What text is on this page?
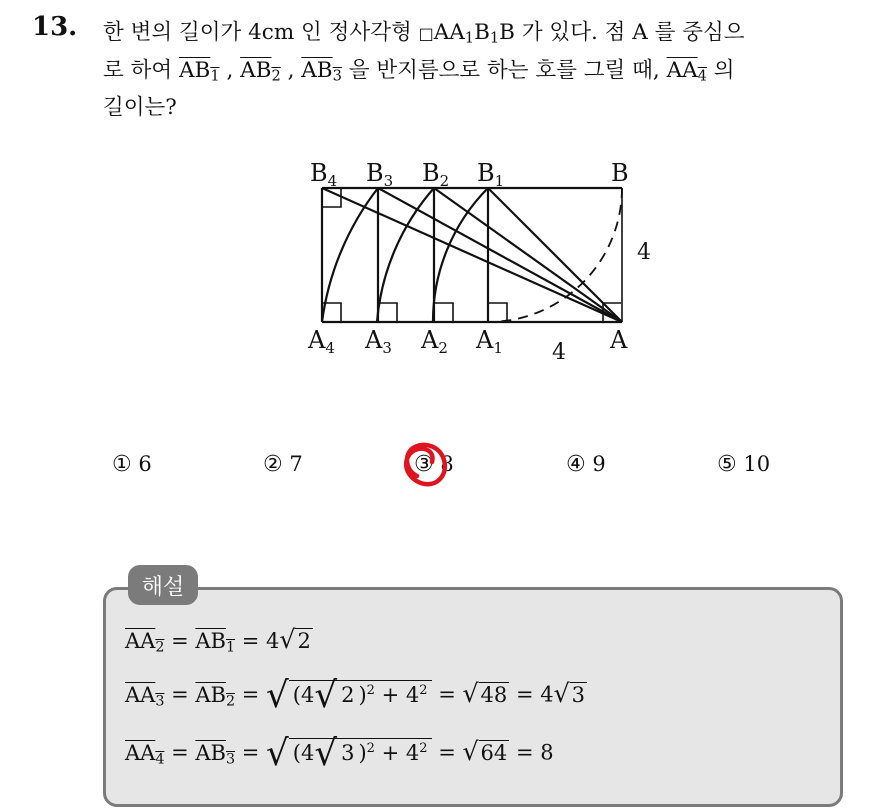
13. 한 변의 길이가 4cm 인 정사각형 $□AA_1B_1B$ 가 있다. 점 A 를 중심으
로 하여 $AB_1$ , $AB_2$ , $AB_3$ 을 반지름으로 하는 호를 그릴 때, $AA_4$ 의
길이는?
$B_4$ $B_3$ $B_2$ $B_1$	B
$A_4$ $A_3$ $A_2$ $A_1$	A
4
4
① 6	② 7	③ 8	④ 9	⑤ 10
해설
$AA_2 = AB_1 = 4√2$
$AA_3 = AB_2$ = √ (4√ 2 )$^2 + 4^2 = √48 = 4√3$
$AA_4 = AB_3$ = √ (4√ 3 )$^2 + 4^2 = √64 = 8$
